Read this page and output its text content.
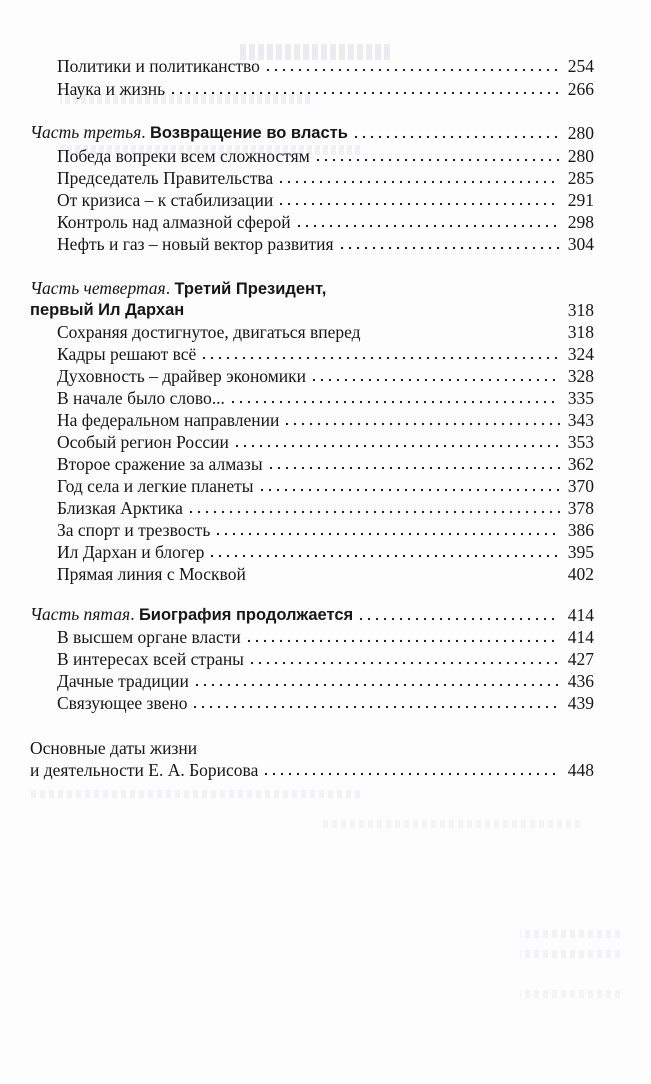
Политики и политиканство	254
Наука и жизнь	266
Часть третья. Возвращение во власть	280
Победа вопреки всем сложностям	280
Председатель Правительства	285
От кризиса – к стабилизации	291
Контроль над алмазной сферой	298
Нефть и газ – новый вектор развития	304
Часть четвертая. Третий Президент,
первый Ил Дархан	318
Сохраняя достигнутое, двигаться вперед	318
Кадры решают всё	324
Духовность – драйвер экономики	328
В начале было слово...	335
На федеральном направлении	343
Особый регион России	353
Второе сражение за алмазы	362
Год села и легкие планеты	370
Близкая Арктика	378
За спорт и трезвость	386
Ил Дархан и блогер	395
Прямая линия с Москвой	402
Часть пятая. Биография продолжается	414
В высшем органе власти	414
В интересах всей страны	427
Дачные традиции	436
Связующее звено	439
Основные даты жизни
и деятельности Е. А. Борисова	448
